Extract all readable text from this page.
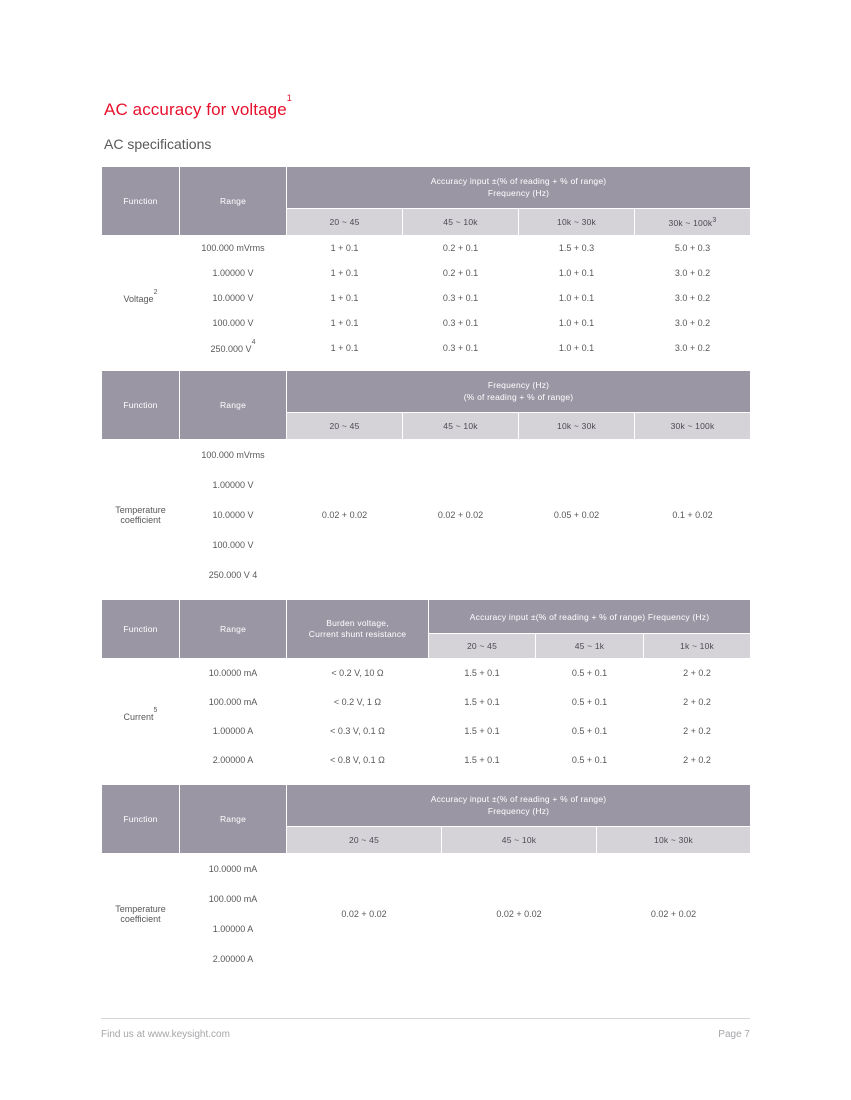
AC accuracy for voltage$^1$
AC specifications
Function	Range	Accuracy input ±(% of reading + % of range)
Frequency (Hz)			

		20 ~ 45	45 ~ 10k	10k ~ 30k	30k ~ $100k^3$
Voltage$^2$	100.000 mVrms	1 + 0.1	0.2 + 0.1	1.5 + 0.3	5.0 + 0.3
	1.00000 V	1 + 0.1	0.2 + 0.1	1.0 + 0.1	3.0 + 0.2
	10.0000 V	1 + 0.1	0.3 + 0.1	1.0 + 0.1	3.0 + 0.2
	100.000 V	1 + 0.1	0.3 + 0.1	1.0 + 0.1	3.0 + 0.2
	250.000 $V^4$	1 + 0.1	0.3 + 0.1	1.0 + 0.1	3.0 + 0.2

Function	Range	Frequency (Hz)
(% of reading + % of range)			

		20 ~ 45	45 ~ 10k	10k ~ 30k	30k ~ 100k

Temperature
coefficient	100.000 mVrms	0.02 + 0.02	0.02 + 0.02	0.05 + 0.02	0.1 + 0.02
	1.00000 V				
	10.0000 V				
	100.000 V				
	250.000 V 4				

Function	Range	Burden voltage,
Current shunt resistance	Accuracy input ±(% of reading + % of range) Frequency (Hz)		
			20 ~ 45	45 ~ 1k	1k ~ 10k
Current$^5$	10.0000 mA	< 0.2 V, 10 Ω	1.5 + 0.1	0.5 + 0.1	2 + 0.2
	100.000 mA	< 0.2 V, 1 Ω	1.5 + 0.1	0.5 + 0.1	2 + 0.2
	1.00000 A	< 0.3 V, 0.1 Ω	1.5 + 0.1	0.5 + 0.1	2 + 0.2
	2.00000 A	< 0.8 V, 0.1 Ω	1.5 + 0.1	0.5 + 0.1	2 + 0.2

Function	Range	Accuracy input ±(% of reading + % of range)
Frequency (Hz)		

		20 ~ 45	45 ~ 10k	10k ~ 30k

Temperature
coefficient	10.0000 mA	0.02 + 0.02	0.02 + 0.02	0.02 + 0.02
	100.000 mA			
	1.00000 A			
	2.00000 A			
Find us at www.keysight.com	Page 7
